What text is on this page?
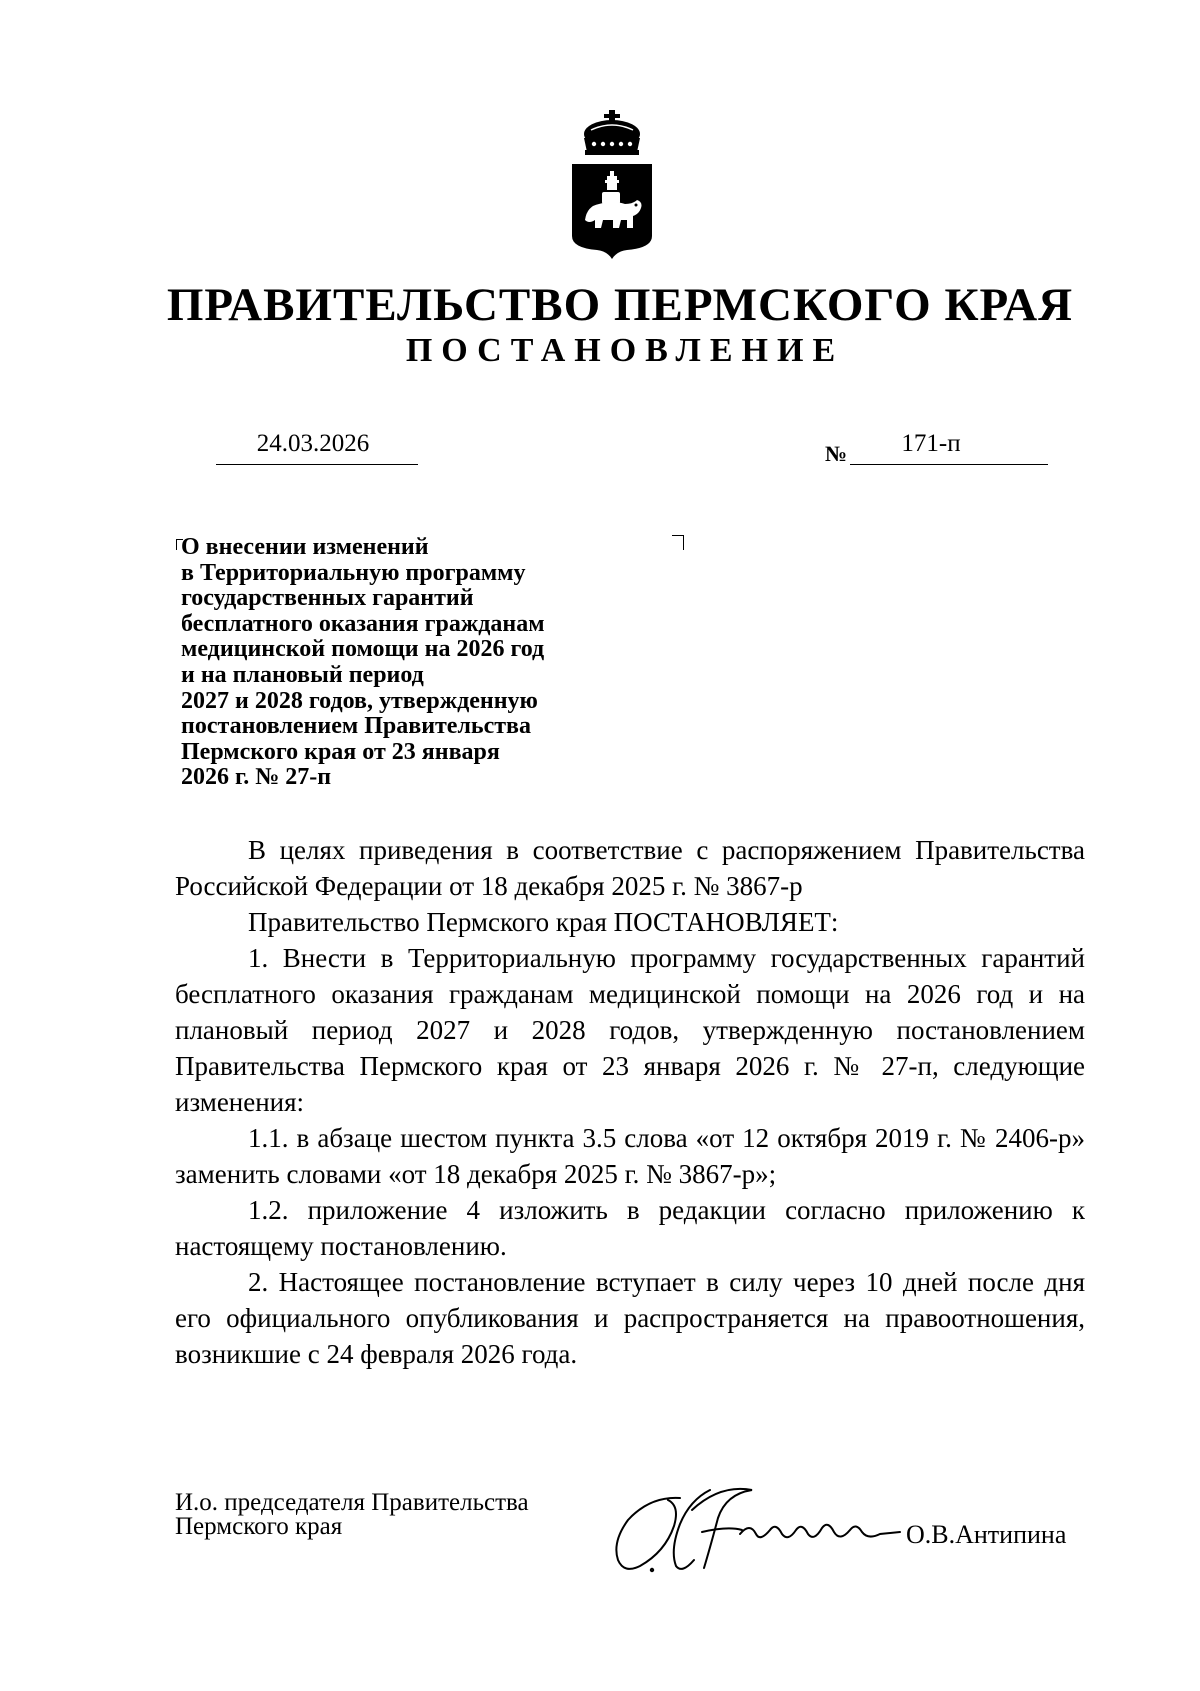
ПРАВИТЕЛЬСТВО ПЕРМСКОГО КРАЯ
ПОСТАНОВЛЕНИЕ
24.03.2026	№	171-п
О внесении изменений
в Территориальную программу
государственных гарантий
бесплатного оказания гражданам
медицинской помощи на 2026 год
и на плановый период
2027 и 2028 годов, утвержденную
постановлением Правительства
Пермского края от 23 января
2026 г. № 27-п

В целях приведения в соответствие с распоряжением Правительства Российской Федерации от 18 декабря 2025 г. № 3867-р

Правительство Пермского края ПОСТАНОВЛЯЕТ:

1. Внести в Территориальную программу государственных гарантий бесплатного оказания гражданам медицинской помощи на 2026 год и на плановый период 2027 и 2028 годов, утвержденную постановлением Правительства Пермского края от 23 января 2026 г. № 27-п, следующие изменения:

1.1. в абзаце шестом пункта 3.5 слова «от 12 октября 2019 г. № 2406-р» заменить словами «от 18 декабря 2025 г. № 3867-р»;

1.2. приложение 4 изложить в редакции согласно приложению к настоящему постановлению.

2. Настоящее постановление вступает в силу через 10 дней после дня его официального опубликования и распространяется на правоотношения, возникшие с 24 февраля 2026 года.

И.о. председателя Правительства
Пермского края	О.В.Антипина
